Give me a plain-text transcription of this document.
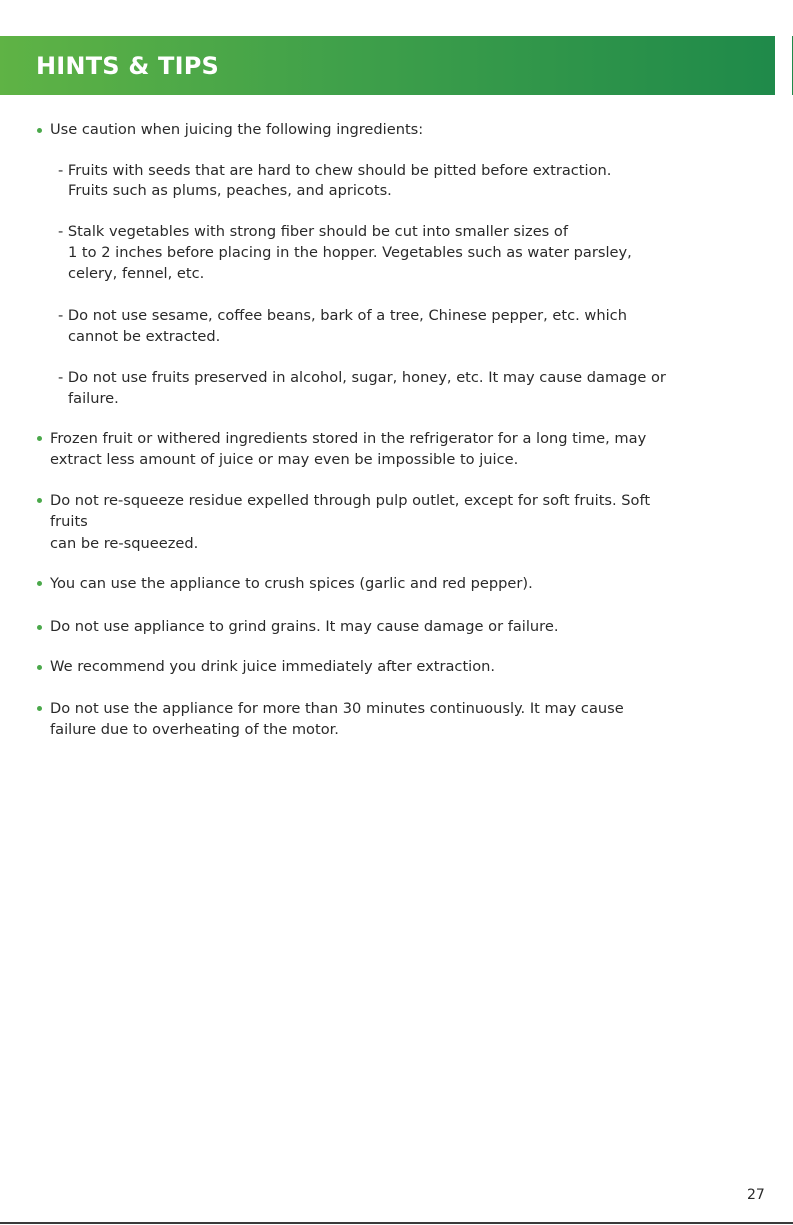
HINTS & TIPS

Use caution when juicing the following ingredients:

- Fruits with seeds that are hard to chew should be pitted before extraction.

Fruits such as plums, peaches, and apricots.

- Stalk vegetables with strong fiber should be cut into smaller sizes of

1 to 2 inches before placing in the hopper. Vegetables such as water parsley,

celery, fennel, etc.

- Do not use sesame, coffee beans, bark of a tree, Chinese pepper, etc. which

cannot be extracted.

- Do not use fruits preserved in alcohol, sugar, honey, etc. It may cause damage or

failure.

Frozen fruit or withered ingredients stored in the refrigerator for a long time, may

extract less amount of juice or may even be impossible to juice.

Do not re-squeeze residue expelled through pulp outlet, except for soft fruits. Soft

fruits

can be re-squeezed.

You can use the appliance to crush spices (garlic and red pepper).

Do not use appliance to grind grains. It may cause damage or failure.

We recommend you drink juice immediately after extraction.

Do not use the appliance for more than 30 minutes continuously. It may cause

failure due to overheating of the motor.

27
